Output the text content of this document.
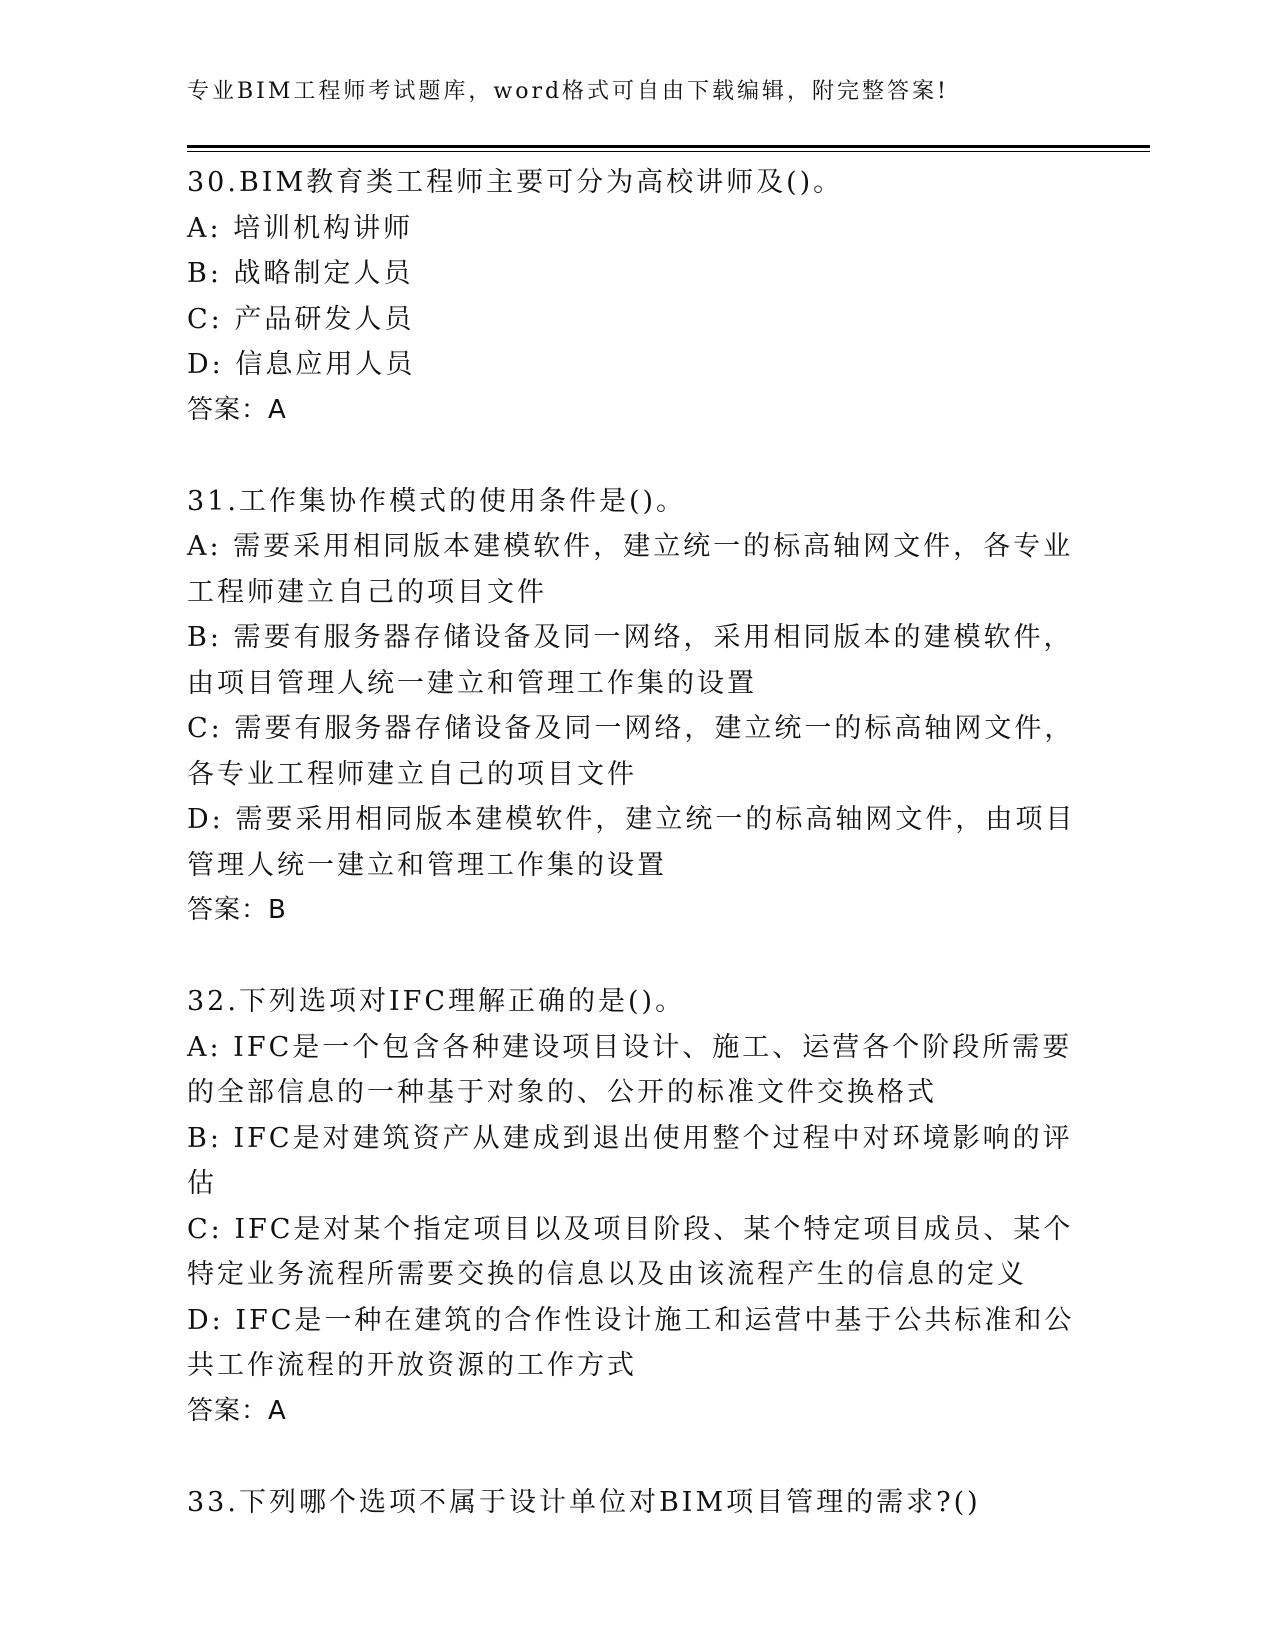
专业BIM工程师考试题库，word格式可自由下载编辑，附完整答案!

30.BIM教育类工程师主要可分为高校讲师及()。

A: 培训机构讲师

B: 战略制定人员

C: 产品研发人员

D: 信息应用人员

答案：A

31.工作集协作模式的使用条件是()。

A: 需要采用相同版本建模软件，建立统一的标高轴网文件，各专业工程师建立自己的项目文件

B: 需要有服务器存储设备及同一网络，采用相同版本的建模软件，由项目管理人统一建立和管理工作集的设置

C: 需要有服务器存储设备及同一网络，建立统一的标高轴网文件，各专业工程师建立自己的项目文件

D: 需要采用相同版本建模软件，建立统一的标高轴网文件，由项目管理人统一建立和管理工作集的设置

答案：B

32.下列选项对IFC理解正确的是()。

A: IFC是一个包含各种建设项目设计、施工、运营各个阶段所需要的全部信息的一种基于对象的、公开的标准文件交换格式

B: IFC是对建筑资产从建成到退出使用整个过程中对环境影响的评估

C: IFC是对某个指定项目以及项目阶段、某个特定项目成员、某个特定业务流程所需要交换的信息以及由该流程产生的信息的定义

D: IFC是一种在建筑的合作性设计施工和运营中基于公共标准和公共工作流程的开放资源的工作方式

答案：A

33.下列哪个选项不属于设计单位对BIM项目管理的需求?()
